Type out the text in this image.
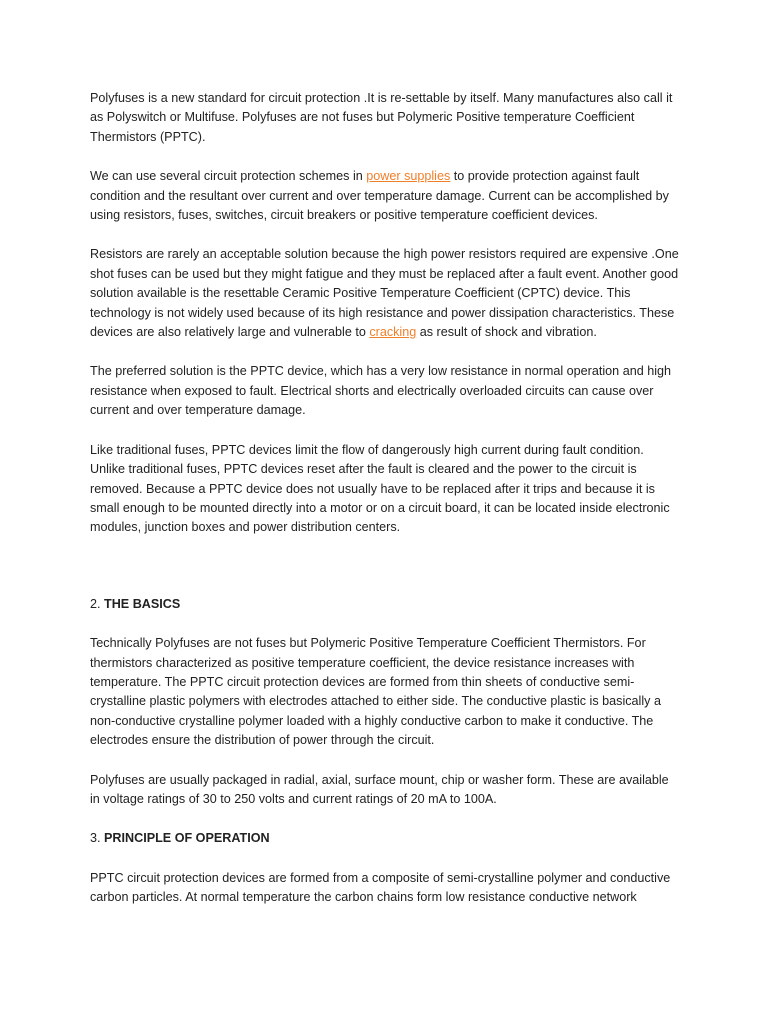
Polyfuses is a new standard for circuit protection .It is re-settable by itself. Many manufactures also call it as Polyswitch or Multifuse. Polyfuses are not fuses but Polymeric Positive temperature Coefficient Thermistors (PPTC).

We can use several circuit protection schemes in power supplies to provide protection against fault condition and the resultant over current and over temperature damage. Current can be accomplished by using resistors, fuses, switches, circuit breakers or positive temperature coefficient devices.

Resistors are rarely an acceptable solution because the high power resistors required are expensive .One shot fuses can be used but they might fatigue and they must be replaced after a fault event. Another good solution available is the resettable Ceramic Positive Temperature Coefficient (CPTC) device. This technology is not widely used because of its high resistance and power dissipation characteristics. These devices are also relatively large and vulnerable to cracking as result of shock and vibration.

The preferred solution is the PPTC device, which has a very low resistance in normal operation and high resistance when exposed to fault. Electrical shorts and electrically overloaded circuits can cause over current and over temperature damage.

Like traditional fuses, PPTC devices limit the flow of dangerously high current during fault condition. Unlike traditional fuses, PPTC devices reset after the fault is cleared and the power to the circuit is removed. Because a PPTC device does not usually have to be replaced after it trips and because it is small enough to be mounted directly into a motor or on a circuit board, it can be located inside electronic modules, junction boxes and power distribution centers.

2. THE BASICS

Technically Polyfuses are not fuses but Polymeric Positive Temperature Coefficient Thermistors. For thermistors characterized as positive temperature coefficient, the device resistance increases with temperature. The PPTC circuit protection devices are formed from thin sheets of conductive semi-crystalline plastic polymers with electrodes attached to either side. The conductive plastic is basically a non-conductive crystalline polymer loaded with a highly conductive carbon to make it conductive. The electrodes ensure the distribution of power through the circuit.

Polyfuses are usually packaged in radial, axial, surface mount, chip or washer form. These are available in voltage ratings of 30 to 250 volts and current ratings of 20 mA to 100A.

3. PRINCIPLE OF OPERATION

PPTC circuit protection devices are formed from a composite of semi-crystalline polymer and conductive carbon particles. At normal temperature the carbon chains form low resistance conductive network
